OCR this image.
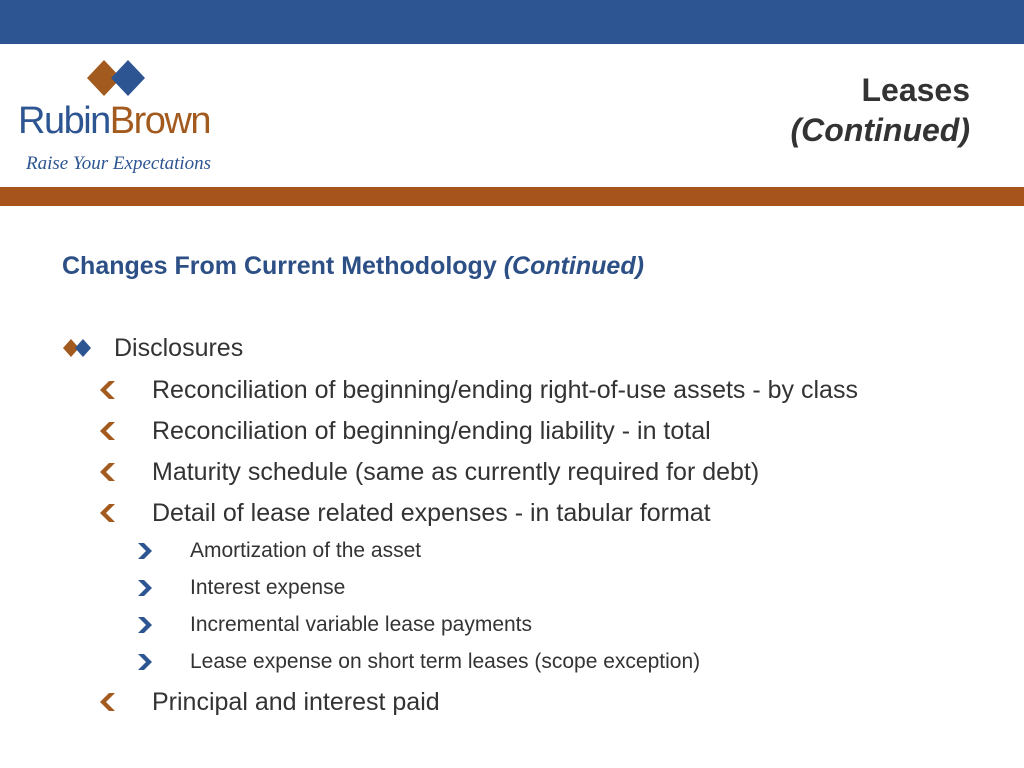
RubinBrown
Raise Your Expectations
Leases
(Continued)
Changes From Current Methodology (Continued)
Disclosures
Reconciliation of beginning/ending right-of-use assets - by class
Reconciliation of beginning/ending liability - in total
Maturity schedule (same as currently required for debt)
Detail of lease related expenses - in tabular format
Amortization of the asset
Interest expense
Incremental variable lease payments
Lease expense on short term leases (scope exception)
Principal and interest paid
